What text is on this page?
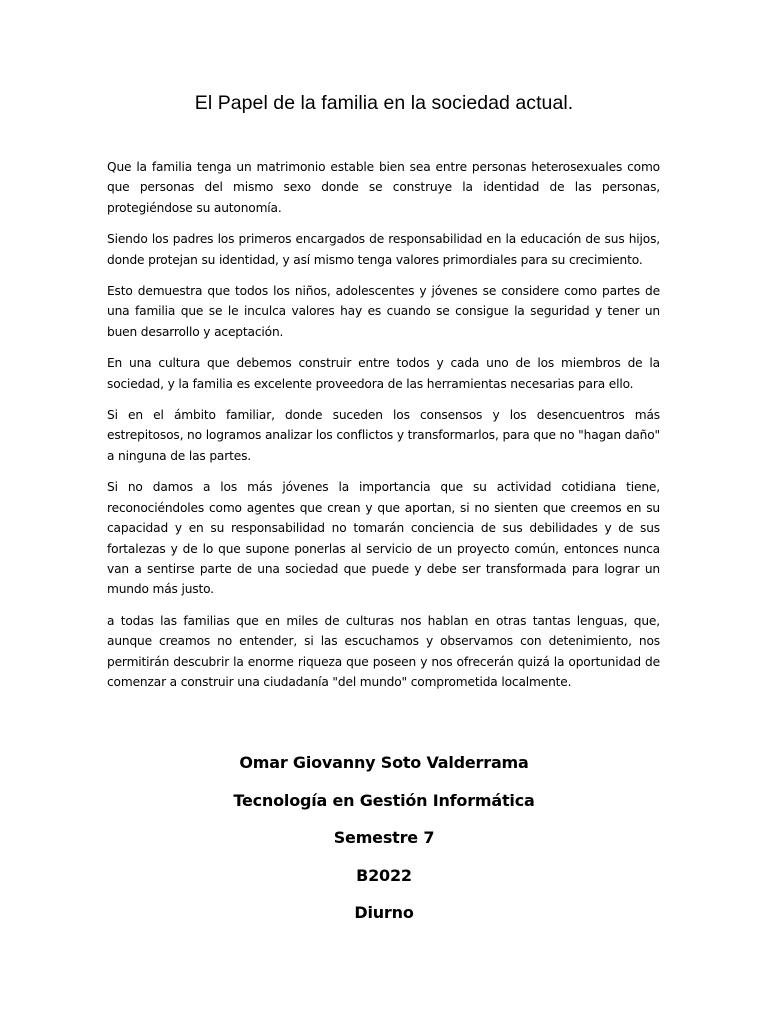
El Papel de la familia en la sociedad actual.

Que la familia tenga un matrimonio estable bien sea entre personas heterosexuales como que personas del mismo sexo donde se construye la identidad de las personas, protegiéndose su autonomía.

Siendo los padres los primeros encargados de responsabilidad en la educación de sus hijos, donde protejan su identidad, y así mismo tenga valores primordiales para su crecimiento.

Esto demuestra que todos los niños, adolescentes y jóvenes se considere como partes de una familia que se le inculca valores hay es cuando se consigue la seguridad y tener un buen desarrollo y aceptación.

En una cultura que debemos construir entre todos y cada uno de los miembros de la sociedad, y la familia es excelente proveedora de las herramientas necesarias para ello.

Si en el ámbito familiar, donde suceden los consensos y los desencuentros más estrepitosos, no logramos analizar los conflictos y transformarlos, para que no "hagan daño" a ninguna de las partes.

Si no damos a los más jóvenes la importancia que su actividad cotidiana tiene, reconociéndoles como agentes que crean y que aportan, si no sienten que creemos en su capacidad y en su responsabilidad no tomarán conciencia de sus debilidades y de sus fortalezas y de lo que supone ponerlas al servicio de un proyecto común, entonces nunca van a sentirse parte de una sociedad que puede y debe ser transformada para lograr un mundo más justo.

a todas las familias que en miles de culturas nos hablan en otras tantas lenguas, que, aunque creamos no entender, si las escuchamos y observamos con detenimiento, nos permitirán descubrir la enorme riqueza que poseen y nos ofrecerán quizá la oportunidad de comenzar a construir una ciudadanía "del mundo" comprometida localmente.

Omar Giovanny Soto Valderrama
Tecnología en Gestión Informática
Semestre 7
B2022
Diurno
